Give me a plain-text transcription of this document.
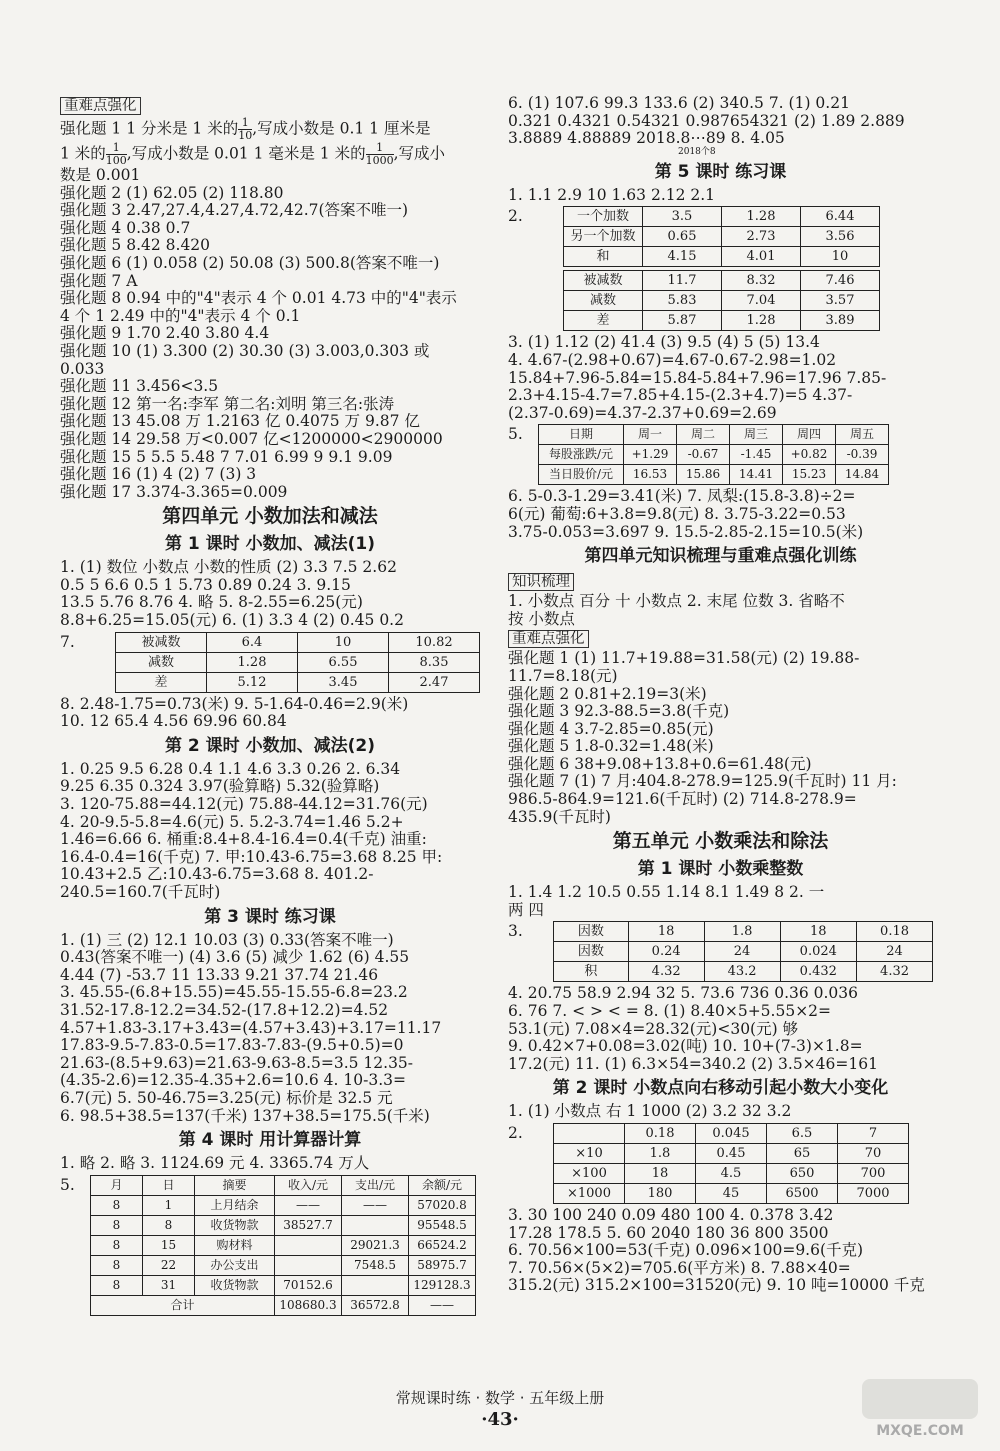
重难点强化
强化题 1 1 分米是 1 米的 $\frac{1}{10}$ ,写成小数是 0.1 1 厘米是
1 米的 $\frac{1}{100}$ ,写成小数是 0.01 1 毫米是 1 米的 $\frac{1}{1000}$ ,写成小
数是 0.001
强化题 2 (1) 62.05 (2) 118.80
强化题 3 2.47,27.4,4.27,4.72,42.7(答案不唯一)
强化题 4 0.38 0.7
强化题 5 8.42 8.420
强化题 6 (1) 0.058 (2) 50.08 (3) 500.8(答案不唯一)
强化题 7 A
强化题 8 0.94 中的"4"表示 4 个 0.01 4.73 中的"4"表示
4 个 1 2.49 中的"4"表示 4 个 0.1
强化题 9 1.70 2.40 3.80 4.4
强化题 10 (1) 3.300 (2) 30.30 (3) 3.003,0.303 或
0.033
强化题 11 3.456<3.5
强化题 12 第一名:李军 第二名:刘明 第三名:张涛
强化题 13 45.08 万 1.2163 亿 0.4075 万 9.87 亿
强化题 14 29.58 万<0.007 亿<1200000<2900000
强化题 15 5 5.5 5.48 7 7.01 6.99 9 9.1 9.09
强化题 16 (1) 4 (2) 7 (3) 3
强化题 17 3.374-3.365=0.009
第四单元 小数加法和减法
第 1 课时 小数加、减法(1)
1. (1) 数位 小数点 小数的性质 (2) 3.3 7.5 2.62
0.5 5 6.6 0.5 1 5.73 0.89 0.24 3. 9.15
13.5 5.76 8.76 4. 略 5. 8-2.55=6.25(元)
8.8+6.25=15.05(元) 6. (1) 3.3 4 (2) 0.45 0.2
7.	被减数	6.4	10	10.82
减数	1.28	6.55	8.35
差	5.12	3.45	2.47
8. 2.48-1.75=0.73(米) 9. 5-1.64-0.46=2.9(米)
10. 12 65.4 4.56 69.96 60.84
第 2 课时 小数加、减法(2)
1. 0.25 9.5 6.28 0.4 1.1 4.6 3.3 0.26 2. 6.34
9.25 6.35 0.324 3.97(验算略) 5.32(验算略)
3. 120-75.88=44.12(元) 75.88-44.12=31.76(元)
4. 20-9.5-5.8=4.6(元) 5. 5.2-3.74=1.46 5.2+
1.46=6.66 6. 桶重:8.4+8.4-16.4=0.4(千克) 油重:
16.4-0.4=16(千克) 7. 甲:10.43-6.75=3.68 8.25 甲:
10.43+2.5 乙:10.43-6.75=3.68 8. 401.2-
240.5=160.7(千瓦时)
第 3 课时 练习课
1. (1) 三 (2) 12.1 10.03 (3) 0.33(答案不唯一)
0.43(答案不唯一) (4) 3.6 (5) 减少 1.62 (6) 4.55
4.44 (7) -53.7 11 13.33 9.21 37.74 21.46
3. 45.55-(6.8+15.55)=45.55-15.55-6.8=23.2
31.52-17.8-12.2=34.52-(17.8+12.2)=4.52
4.57+1.83-3.17+3.43=(4.57+3.43)+3.17=11.17
17.83-9.5-7.83-0.5=17.83-7.83-(9.5+0.5)=0
21.63-(8.5+9.63)=21.63-9.63-8.5=3.5 12.35-
(4.35-2.6)=12.35-4.35+2.6=10.6 4. 10-3.3=
6.7(元) 5. 50-46.75=3.25(元) 标价是 32.5 元
6. 98.5+38.5=137(千米) 137+38.5=175.5(千米)
第 4 课时 用计算器计算
1. 略 2. 略 3. 1124.69 元 4. 3365.74 万人
5.	月	日	摘要	收入/元	支出/元	余额/元
8	1	上月结余	——	——	57020.8
8	8	收货物款	38527.7		95548.5
8	15	购材料		29021.3	66524.2
8	22	办公支出		7548.5	58975.7
8	31	收货物款	70152.6		129128.3
合计			108680.3	36572.8	——
6. (1) 107.6 99.3 133.6 (2) 340.5 7. (1) 0.21
0.321 0.4321 0.54321 0.987654321 (2) 1.89 2.889
3.8889 4.88889 2018.8⋯89 8. 4.05
2018个8
第 5 课时 练习课
1. 1.1 2.9 10 1.63 2.12 2.1
2.	一个加数	3.5	1.28	6.44
另一个加数	0.65	2.73	3.56
和	4.15	4.01	10
被减数	11.7	8.32	7.46
减数	5.83	7.04	3.57
差	5.87	1.28	3.89
3. (1) 1.12 (2) 41.4 (3) 9.5 (4) 5 (5) 13.4
4. 4.67-(2.98+0.67)=4.67-0.67-2.98=1.02
15.84+7.96-5.84=15.84-5.84+7.96=17.96 7.85-
2.3+4.15-4.7=7.85+4.15-(2.3+4.7)=5 4.37-
(2.37-0.69)=4.37-2.37+0.69=2.69
5.	日期	周一	周二	周三	周四	周五
每股涨跌/元	+1.29	-0.67	-1.45	+0.82	-0.39
当日股价/元	16.53	15.86	14.41	15.23	14.84
6. 5-0.3-1.29=3.41(米) 7. 凤梨:(15.8-3.8)÷2=
6(元) 葡萄:6+3.8=9.8(元) 8. 3.75-3.22=0.53
3.75-0.053=3.697 9. 15.5-2.85-2.15=10.5(米)
第四单元知识梳理与重难点强化训练
知识梳理
1. 小数点 百分 十 小数点 2. 末尾 位数 3. 省略不
按 小数点
重难点强化
强化题 1 (1) 11.7+19.88=31.58(元) (2) 19.88-
11.7=8.18(元)
强化题 2 0.81+2.19=3(米)
强化题 3 92.3-88.5=3.8(千克)
强化题 4 3.7-2.85=0.85(元)
强化题 5 1.8-0.32=1.48(米)
强化题 6 38+9.08+13.8+0.6=61.48(元)
强化题 7 (1) 7 月:404.8-278.9=125.9(千瓦时) 11 月:
986.5-864.9=121.6(千瓦时) (2) 714.8-278.9=
435.9(千瓦时)
第五单元 小数乘法和除法
第 1 课时 小数乘整数
1. 1.4 1.2 10.5 0.55 1.14 8.1 1.49 8 2. 一
两 四
3.	因数	18	1.8	18	0.18
因数	0.24	24	0.024	24
积	4.32	43.2	0.432	4.32
4. 20.75 58.9 2.94 32 5. 73.6 736 0.36 0.036
6. 76 7. < > < = 8. (1) 8.40×5+5.55×2=
53.1(元) 7.08×4=28.32(元)<30(元) 够
9. 0.42×7+0.08=3.02(吨) 10. 10+(7-3)×1.8=
17.2(元) 11. (1) 6.3×54=340.2 (2) 3.5×46=161
第 2 课时 小数点向右移动引起小数大小变化
1. (1) 小数点 右 1 1000 (2) 3.2 32 3.2
2.
		0.18	0.045	6.5	7
×10	1.8	0.45	65	70
×100	18	4.5	650	700
×1000	180	45	6500	7000
3. 30 100 240 0.09 480 100 4. 0.378 3.42
17.28 178.5 5. 60 2040 180 36 800 3500
6. 70.56×100=53(千克) 0.096×100=9.6(千克)
7. 70.56×(5×2)=705.6(平方米) 8. 7.88×40=
315.2(元) 315.2×100=31520(元) 9. 10 吨=10000 千克
常规课时练 · 数学 · 五年级上册
·43·
MXQE.COM
